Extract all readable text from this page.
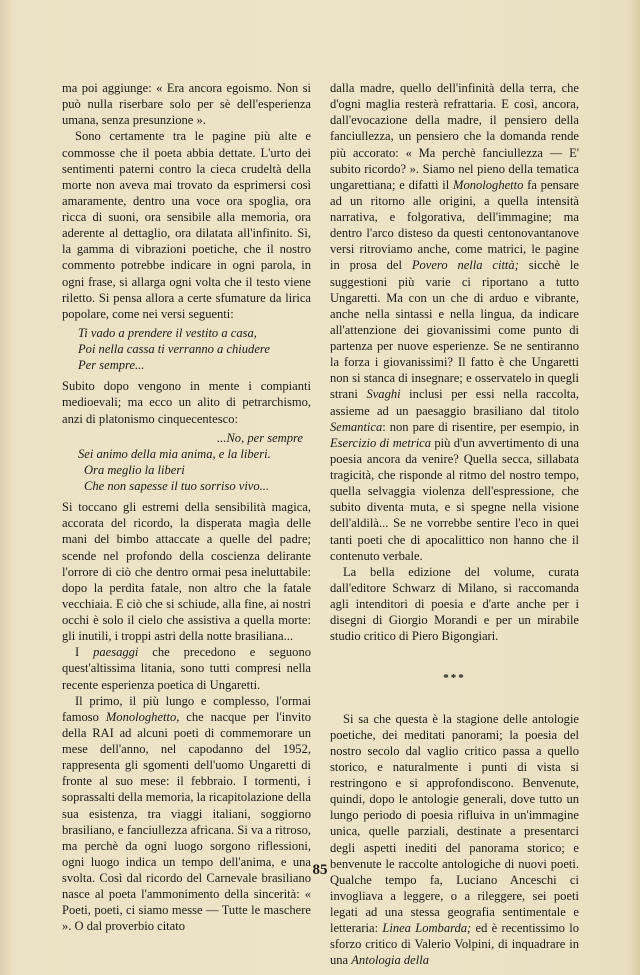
ma poi aggiunge: « Era ancora egoismo. Non si può nulla riserbare solo per sè dell'esperienza umana, senza presunzione ».

Sono certamente tra le pagine più alte e commosse che il poeta abbia dettate. L'urto dei sentimenti paterni contro la cieca crudeltà della morte non aveva mai trovato da esprimersi così amaramente, dentro una voce ora spoglia, ora ricca di suoni, ora sensibile alla memoria, ora aderente al dettaglio, ora dilatata all'infinito. Sì, la gamma di vibrazioni poetiche, che il nostro commento potrebbe indicare in ogni parola, in ogni frase, si allarga ogni volta che il testo viene riletto. Si pensa allora a certe sfumature da lirica popolare, come nei versi seguenti:

Ti vado a prendere il vestito a casa,
Poi nella cassa ti verranno a chiudere
Per sempre...

Subito dopo vengono in mente i compianti medioevali; ma ecco un alito di petrarchismo, anzi di platonismo cinquecentesco:

...No, per sempre
Sei animo della mia anima, e la liberi.
Ora meglio la liberi
Che non sapesse il tuo sorriso vivo...

Si toccano gli estremi della sensibilità magica, accorata del ricordo, la disperata magìa delle mani del bimbo attaccate a quelle del padre; scende nel profondo della coscienza delirante l'orrore di ciò che dentro ormai pesa ineluttabile: dopo la perdita fatale, non altro che la fatale vecchiaia. E ciò che si schiude, alla fine, ai nostri occhi è solo il cielo che assistiva a quella morte: gli inutili, i troppi astri della notte brasiliana...

I paesaggi che precedono e seguono quest'altissima litania, sono tutti compresi nella recente esperienza poetica di Ungaretti.

Il primo, il più lungo e complesso, l'ormai famoso Monologhetto, che nacque per l'invito della RAI ad alcuni poeti di commemorare un mese dell'anno, nel capodanno del 1952, rappresenta gli sgomenti dell'uomo Ungaretti di fronte al suo mese: il febbraio. I tormenti, i soprassalti della memoria, la ricapitolazione della sua esistenza, tra viaggi italiani, soggiorno brasiliano, e fanciullezza africana. Si va a ritroso, ma perchè da ogni luogo sorgono riflessioni, ogni luogo indica un tempo dell'anima, e una svolta. Così dal ricordo del Carnevale brasiliano nasce al poeta l'ammonimento della sincerità: « Poeti, poeti, ci siamo messe — Tutte le maschere ». O dal proverbio citato

dalla madre, quello dell'infinità della terra, che d'ogni maglia resterà refrattaria. E così, ancora, dall'evocazione della madre, il pensiero della fanciullezza, un pensiero che la domanda rende più accorato: « Ma perchè fanciullezza — E' subito ricordo? ». Siamo nel pieno della tematica ungarettiana; e difatti il Monologhetto fa pensare ad un ritorno alle origini, a quella intensità narrativa, e folgorativa, dell'immagine; ma dentro l'arco disteso da questi centonovantanove versi ritroviamo anche, come matrici, le pagine in prosa del Povero nella città; sicchè le suggestioni più varie ci riportano a tutto Ungaretti. Ma con un che di arduo e vibrante, anche nella sintassi e nella lingua, da indicare all'attenzione dei giovanissimi come punto di partenza per nuove esperienze. Se ne sentiranno la forza i giovanissimi? Il fatto è che Ungaretti non si stanca di insegnare; e osservatelo in quegli strani Svaghi inclusi per essi nella raccolta, assieme ad un paesaggio brasiliano dal titolo Semantica: non pare di risentire, per esempio, in Esercizio di metrica più d'un avvertimento di una poesia ancora da venire? Quella secca, sillabata tragicità, che risponde al ritmo del nostro tempo, quella selvaggia violenza dell'espressione, che subito diventa muta, e si spegne nella visione dell'aldilà... Se ne vorrebbe sentire l'eco in quei tanti poeti che di apocalittico non hanno che il contenuto verbale.

La bella edizione del volume, curata dall'editore Schwarz di Milano, si raccomanda agli intenditori di poesia e d'arte anche per i disegni di Giorgio Morandi e per un mirabile studio critico di Piero Bigongiari.

***

Si sa che questa è la stagione delle antologie poetiche, dei meditati panorami; la poesia del nostro secolo dal vaglio critico passa a quello storico, e naturalmente i punti di vista si restringono e si approfondiscono. Benvenute, quindi, dopo le antologie generali, dove tutto un lungo periodo di poesia rifluiva in un'immagine unica, quelle parziali, destinate a presentarci degli aspetti inediti del panorama storico; e benvenute le raccolte antologiche di nuovi poeti. Qualche tempo fa, Luciano Anceschi ci invogliava a leggere, o a rileggere, sei poeti legati ad una stessa geografia sentimentale e letteraria: Linea Lombarda; ed è recentissimo lo sforzo critico di Valerio Volpini, di inquadrare in una Antologia della

85
